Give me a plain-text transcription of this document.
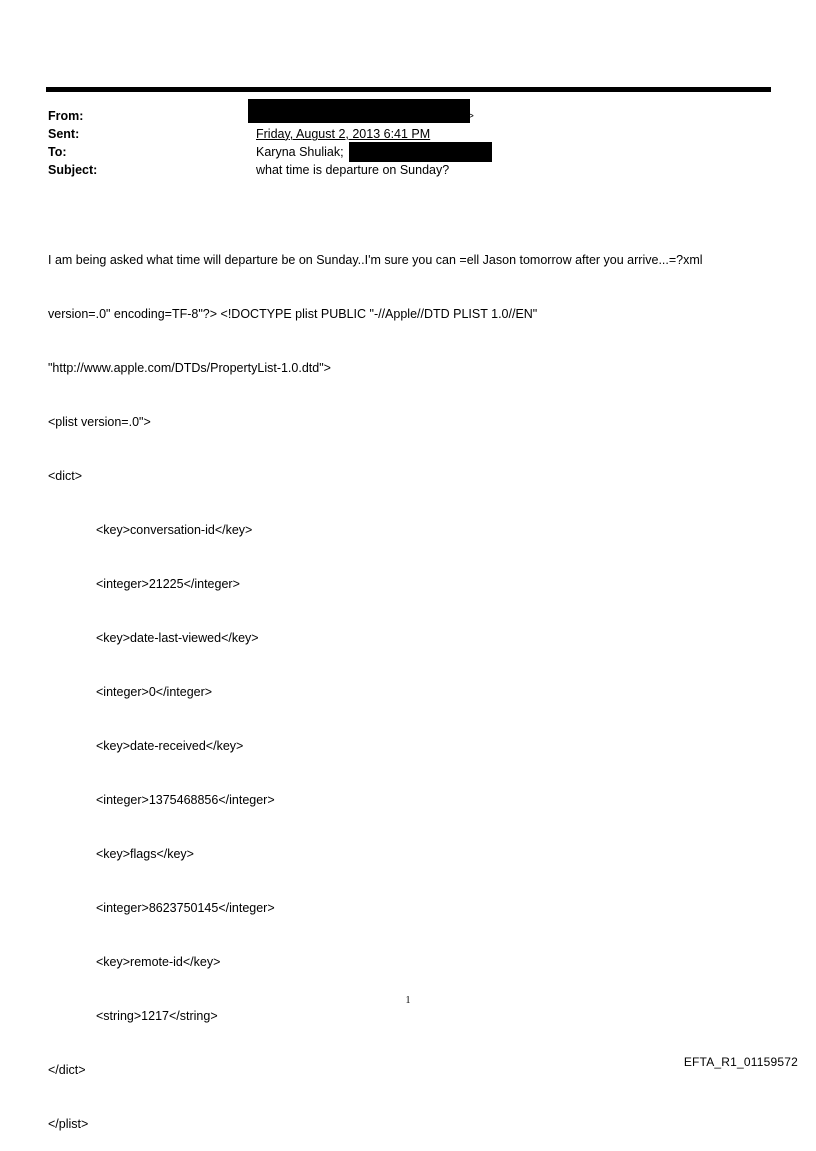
From:	>
Sent:	Friday, August 2, 2013 6:41 PM
To:	Karyna Shuliak;
Subject:	what time is departure on Sunday?

I am being asked what time will departure be on Sunday..I'm sure you can =ell Jason tomorrow after you arrive...=?xml

version=.0" encoding=TF-8"?> <!DOCTYPE plist PUBLIC "-//Apple//DTD PLIST 1.0//EN"

"http://www.apple.com/DTDs/PropertyList-1.0.dtd">

<plist version=.0">

<dict>

<key>conversation-id</key>

<integer>21225</integer>

<key>date-last-viewed</key>

<integer>0</integer>

<key>date-received</key>

<integer>1375468856</integer>

<key>flags</key>

<integer>8623750145</integer>

<key>remote-id</key>

<string>1217</string>

</dict>

</plist>

1
EFTA_R1_01159572
